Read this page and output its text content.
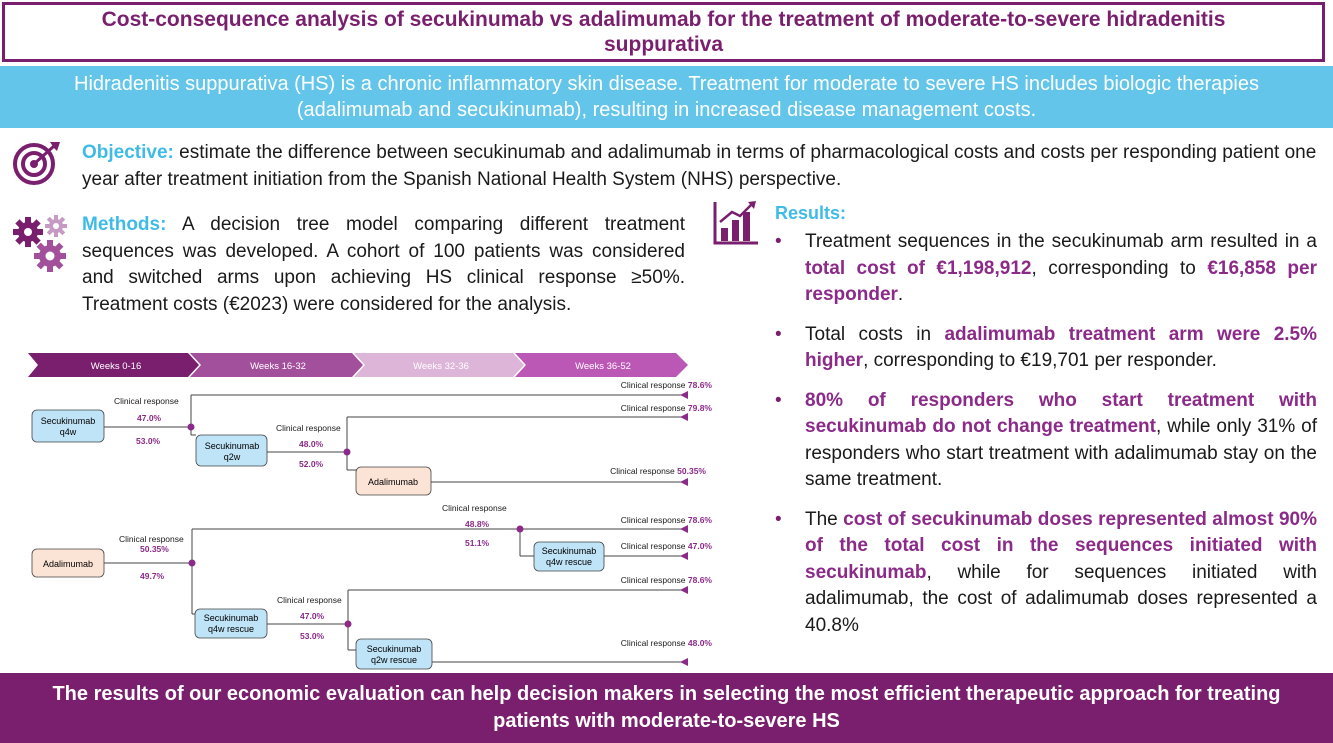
Cost-consequence analysis of secukinumab vs adalimumab for the treatment of moderate-to-severe hidradenitis suppurativa
Hidradenitis suppurativa (HS) is a chronic inflammatory skin disease. Treatment for moderate to severe HS includes biologic therapies (adalimumab and secukinumab), resulting in increased disease management costs.
Objective: estimate the difference between secukinumab and adalimumab in terms of pharmacological costs and costs per responding patient one year after treatment initiation from the Spanish National Health System (NHS) perspective.
Methods: A decision tree model comparing different treatment sequences was developed. A cohort of 100 patients was considered and switched arms upon achieving HS clinical response ≥50%. Treatment costs (€2023) were considered for the analysis.
Results:
• Treatment sequences in the secukinumab arm resulted in a total cost of €1,198,912, corresponding to €16,858 per responder.
• Total costs in adalimumab treatment arm were 2.5% higher, corresponding to €19,701 per responder.
• 80% of responders who start treatment with secukinumab do not change treatment, while only 31% of responders who start treatment with adalimumab stay on the same treatment.
• The cost of secukinumab doses represented almost 90% of the total cost in the sequences initiated with secukinumab, while for sequences initiated with adalimumab, the cost of adalimumab doses represented a 40.8%
Weeks 0-16	Weeks 16-32	Weeks 32-36	Weeks 36-52
Secukinumab
q4w
Secukinumab
q2w
Adalimumab
Adalimumab
Secukinumab
q4w rescue
Secukinumab
q4w rescue
Secukinumab
q2w rescue
Clinical response
Clinical response
Clinical response
Clinical response
Clinical response
47.0%
53.0%	48.0%
52.0%
50.35%
49.7%
48.8%
51.1%
47.0%
53.0%
Clinical response 78.6%
Clinical response 79.8%
Clinical response 50.35%
Clinical response 78.6%
Clinical response 47.0%
Clinical response 78.6%
Clinical response 48.0%
The results of our economic evaluation can help decision makers in selecting the most efficient therapeutic approach for treating patients with moderate-to-severe HS
